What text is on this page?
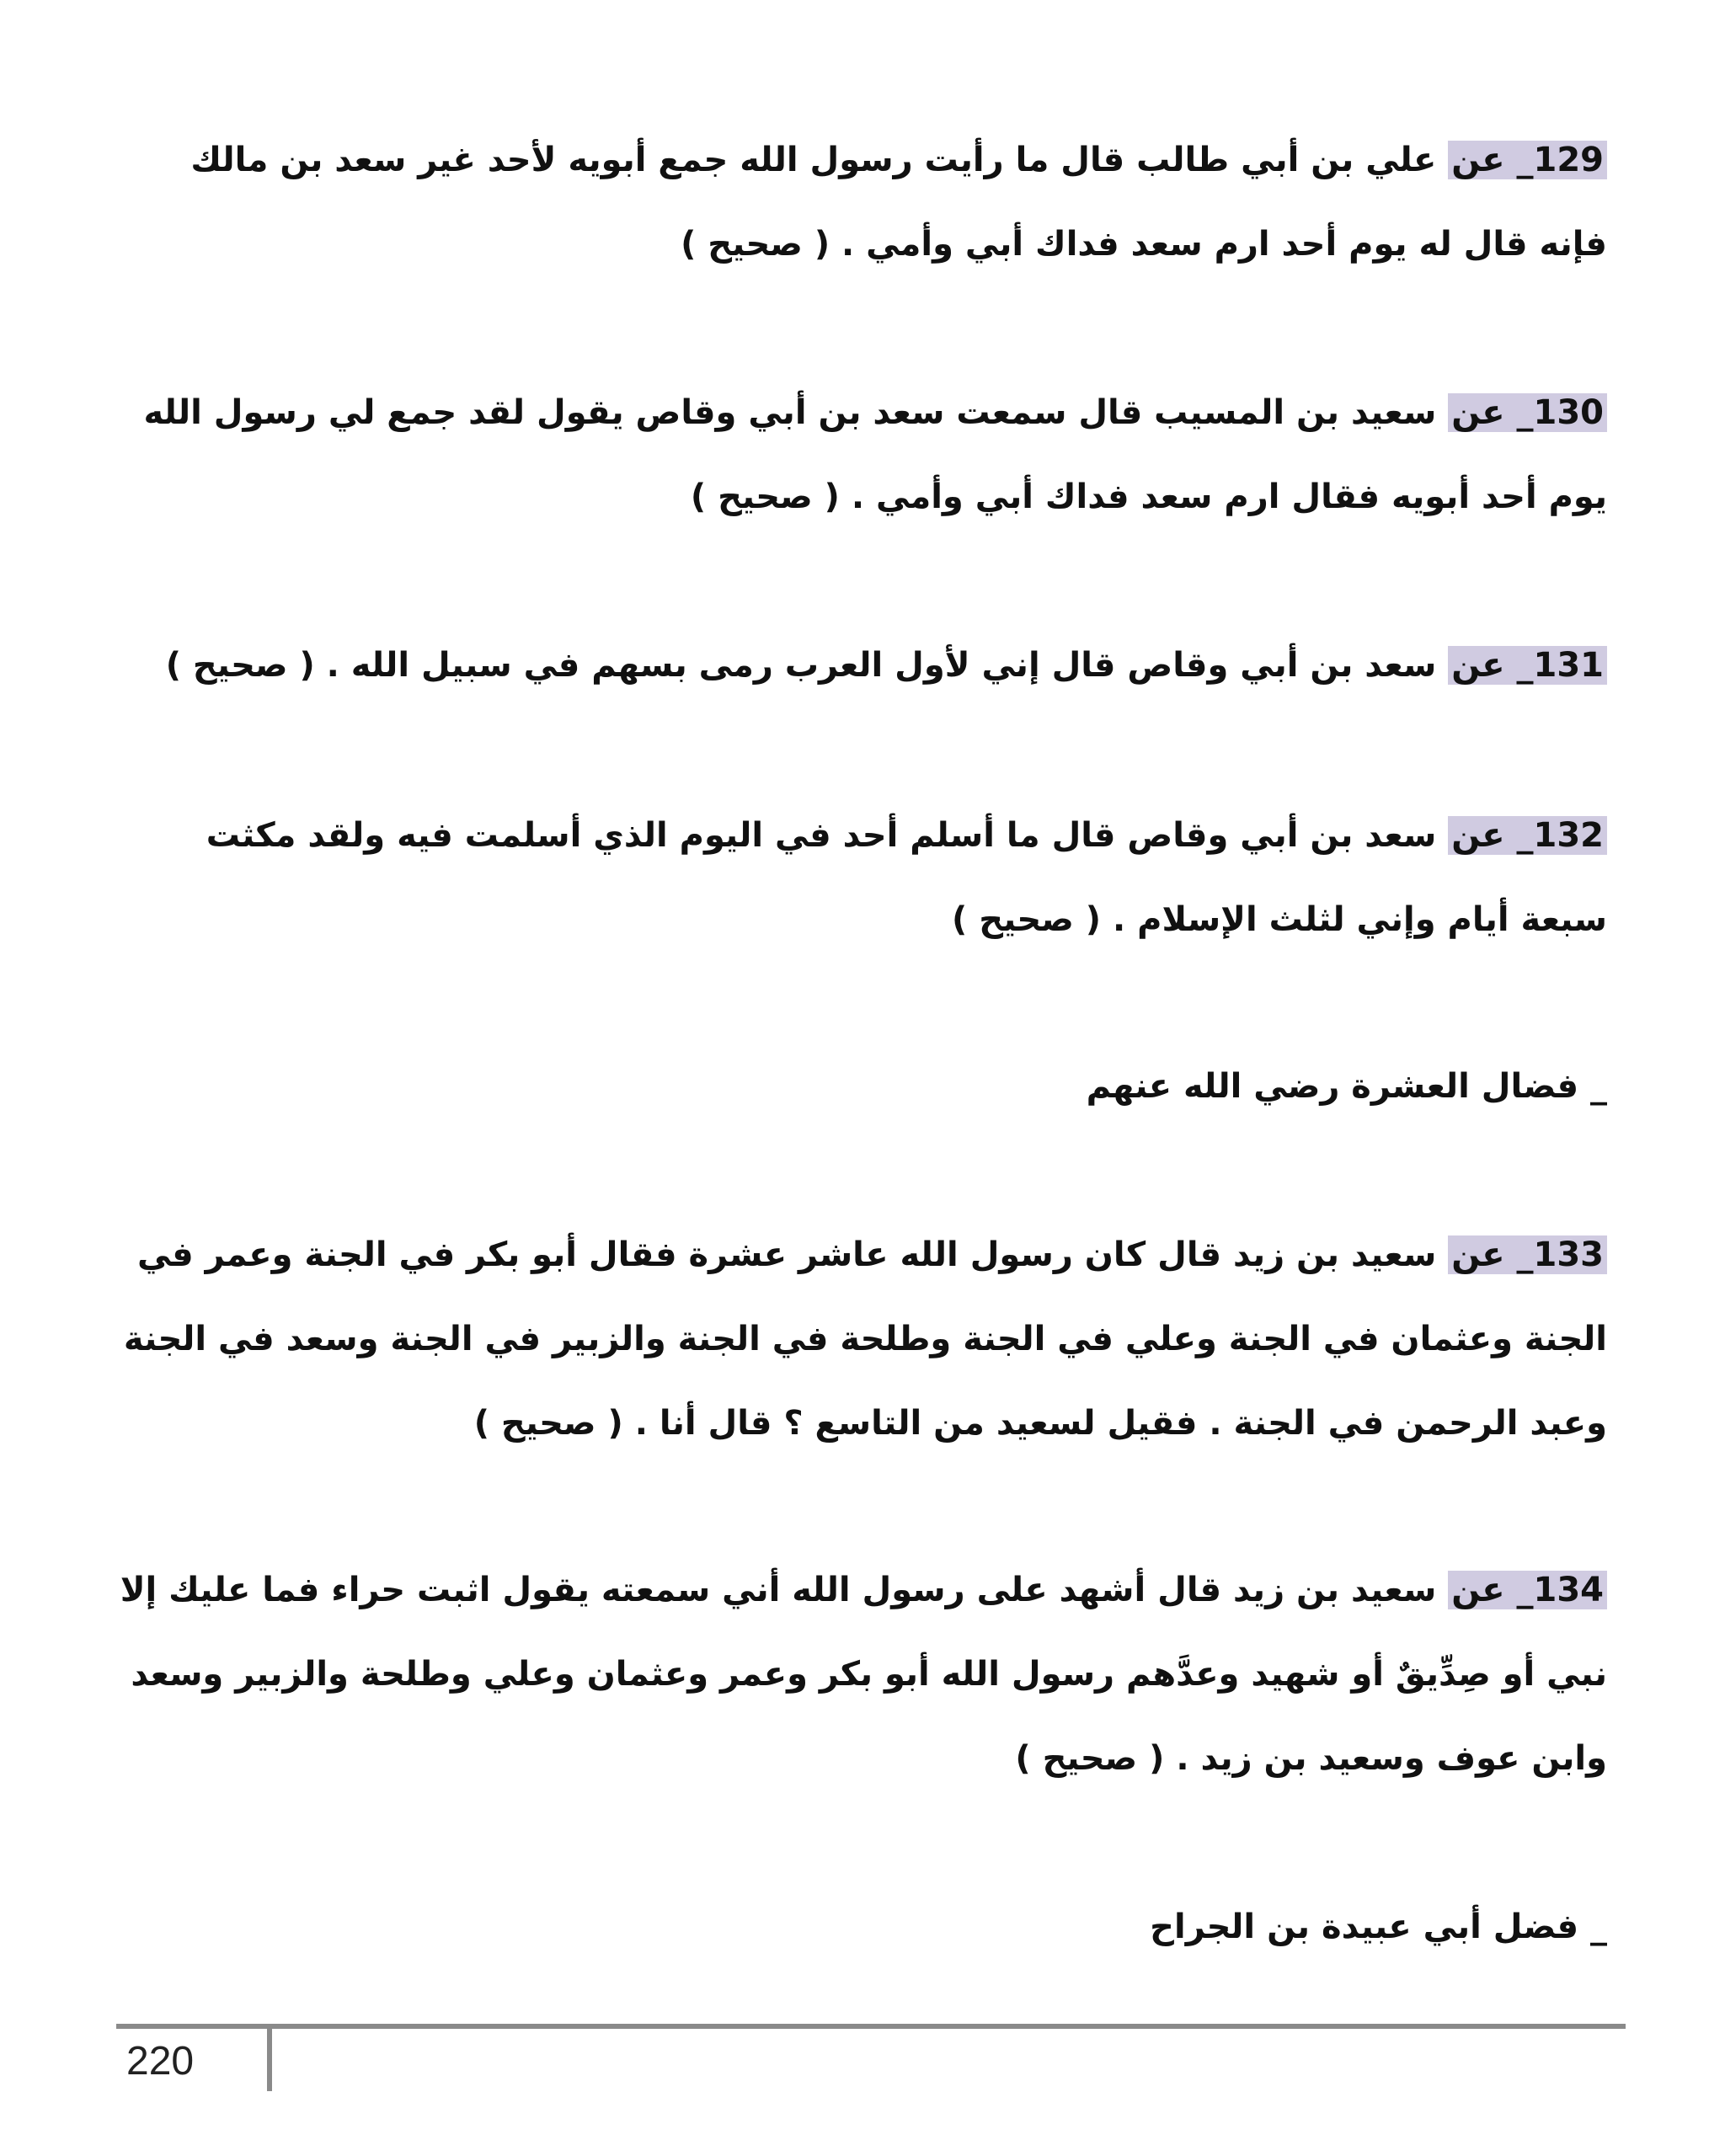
129_ عن علي بن أبي طالب قال ما رأيت رسول الله جمع أبويه لأحد غير سعد بن مالك فإنه قال له يوم أحد ارم سعد فداك أبي وأمي . ( صحيح )

130_ عن سعيد بن المسيب قال سمعت سعد بن أبي وقاص يقول لقد جمع لي رسول الله يوم أحد أبويه فقال ارم سعد فداك أبي وأمي . ( صحيح )

131_ عن سعد بن أبي وقاص قال إني لأول العرب رمى بسهم في سبيل الله . ( صحيح )

132_ عن سعد بن أبي وقاص قال ما أسلم أحد في اليوم الذي أسلمت فيه ولقد مكثت سبعة أيام وإني لثلث الإسلام . ( صحيح )

_ فضال العشرة رضي الله عنهم

133_ عن سعيد بن زيد قال كان رسول الله عاشر عشرة فقال أبو بكر في الجنة وعمر في الجنة وعثمان في الجنة وعلي في الجنة وطلحة في الجنة والزبير في الجنة وسعد في الجنة وعبد الرحمن في الجنة . فقيل لسعيد من التاسع ؟ قال أنا . ( صحيح )

134_ عن سعيد بن زيد قال أشهد على رسول الله أني سمعته يقول اثبت حراء فما عليك إلا نبي أو صِدِّيقٌ أو شهيد وعدَّهم رسول الله أبو بكر وعمر وعثمان وعلي وطلحة والزبير وسعد وابن عوف وسعيد بن زيد . ( صحيح )

_ فضل أبي عبيدة بن الجراح

220
